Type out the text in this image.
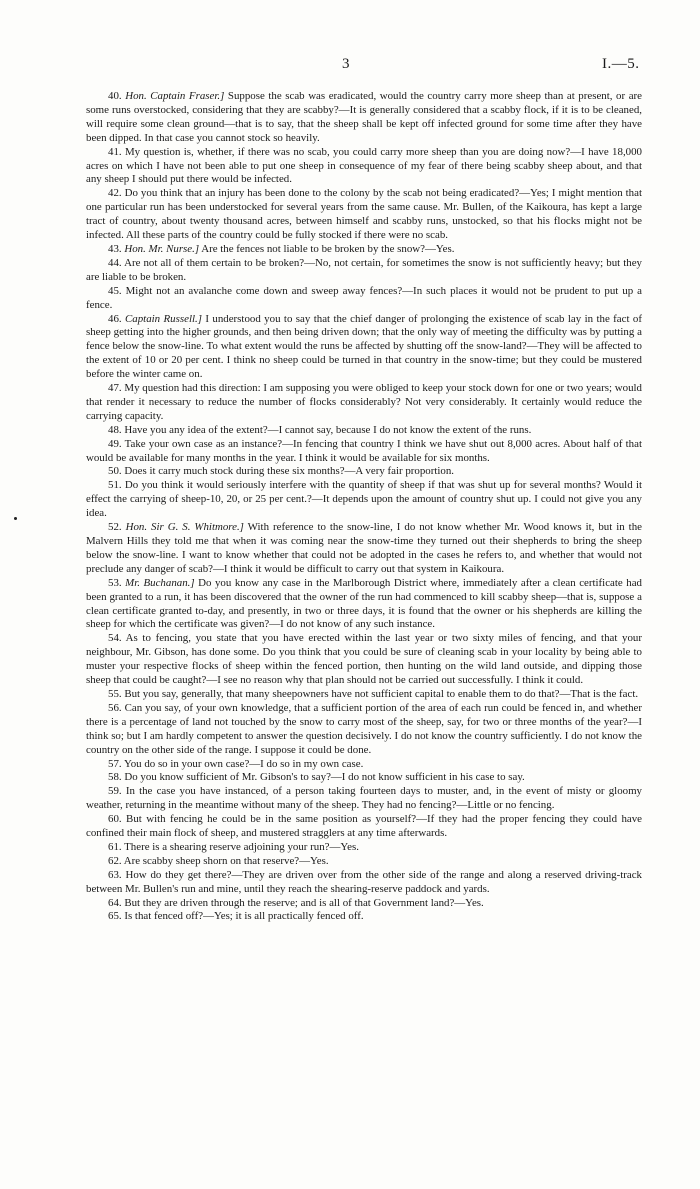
3	I.—5.

40. Hon. Captain Fraser.] Suppose the scab was eradicated, would the country carry more sheep than at present, or are some runs overstocked, considering that they are scabby?—It is generally considered that a scabby flock, if it is to be cleaned, will require some clean ground—that is to say, that the sheep shall be kept off infected ground for some time after they have been dipped. In that case you cannot stock so heavily.

41. My question is, whether, if there was no scab, you could carry more sheep than you are doing now?—I have 18,000 acres on which I have not been able to put one sheep in consequence of my fear of there being scabby sheep about, and that any sheep I should put there would be infected.

42. Do you think that an injury has been done to the colony by the scab not being eradicated?—Yes; I might mention that one particular run has been understocked for several years from the same cause. Mr. Bullen, of the Kaikoura, has kept a large tract of country, about twenty thousand acres, between himself and scabby runs, unstocked, so that his flocks might not be infected. All these parts of the country could be fully stocked if there were no scab.

43. Hon. Mr. Nurse.] Are the fences not liable to be broken by the snow?—Yes.

44. Are not all of them certain to be broken?—No, not certain, for sometimes the snow is not sufficiently heavy; but they are liable to be broken.

45. Might not an avalanche come down and sweep away fences?—In such places it would not be prudent to put up a fence.

46. Captain Russell.] I understood you to say that the chief danger of prolonging the existence of scab lay in the fact of sheep getting into the higher grounds, and then being driven down; that the only way of meeting the difficulty was by putting a fence below the snow-line. To what extent would the runs be affected by shutting off the snow-land?—They will be affected to the extent of 10 or 20 per cent. I think no sheep could be turned in that country in the snow-time; but they could be mustered before the winter came on.

47. My question had this direction: I am supposing you were obliged to keep your stock down for one or two years; would that render it necessary to reduce the number of flocks considerably? Not very considerably. It certainly would reduce the carrying capacity.

48. Have you any idea of the extent?—I cannot say, because I do not know the extent of the runs.

49. Take your own case as an instance?—In fencing that country I think we have shut out 8,000 acres. About half of that would be available for many months in the year. I think it would be available for six months.

50. Does it carry much stock during these six months?—A very fair proportion.

51. Do you think it would seriously interfere with the quantity of sheep if that was shut up for several months? Would it effect the carrying of sheep-10, 20, or 25 per cent.?—It depends upon the amount of country shut up. I could not give you any idea.

52. Hon. Sir G. S. Whitmore.] With reference to the snow-line, I do not know whether Mr. Wood knows it, but in the Malvern Hills they told me that when it was coming near the snow-time they turned out their shepherds to bring the sheep below the snow-line. I want to know whether that could not be adopted in the cases he refers to, and whether that would not preclude any danger of scab?—I think it would be difficult to carry out that system in Kaikoura.

53. Mr. Buchanan.] Do you know any case in the Marlborough District where, immediately after a clean certificate had been granted to a run, it has been discovered that the owner of the run had commenced to kill scabby sheep—that is, suppose a clean certificate granted to-day, and presently, in two or three days, it is found that the owner or his shepherds are killing the sheep for which the certificate was given?—I do not know of any such instance.

54. As to fencing, you state that you have erected within the last year or two sixty miles of fencing, and that your neighbour, Mr. Gibson, has done some. Do you think that you could be sure of cleaning scab in your locality by being able to muster your respective flocks of sheep within the fenced portion, then hunting on the wild land outside, and dipping those sheep that could be caught?—I see no reason why that plan should not be carried out successfully. I think it could.

55. But you say, generally, that many sheepowners have not sufficient capital to enable them to do that?—That is the fact.

56. Can you say, of your own knowledge, that a sufficient portion of the area of each run could be fenced in, and whether there is a percentage of land not touched by the snow to carry most of the sheep, say, for two or three months of the year?—I think so; but I am hardly competent to answer the question decisively. I do not know the country sufficiently. I do not know the country on the other side of the range. I suppose it could be done.

57. You do so in your own case?—I do so in my own case.

58. Do you know sufficient of Mr. Gibson's to say?—I do not know sufficient in his case to say.

59. In the case you have instanced, of a person taking fourteen days to muster, and, in the event of misty or gloomy weather, returning in the meantime without many of the sheep. They had no fencing?—Little or no fencing.

60. But with fencing he could be in the same position as yourself?—If they had the proper fencing they could have confined their main flock of sheep, and mustered stragglers at any time afterwards.

61. There is a shearing reserve adjoining your run?—Yes.

62. Are scabby sheep shorn on that reserve?—Yes.

63. How do they get there?—They are driven over from the other side of the range and along a reserved driving-track between Mr. Bullen's run and mine, until they reach the shearing-reserve paddock and yards.

64. But they are driven through the reserve; and is all of that Government land?—Yes.

65. Is that fenced off?—Yes; it is all practically fenced off.
